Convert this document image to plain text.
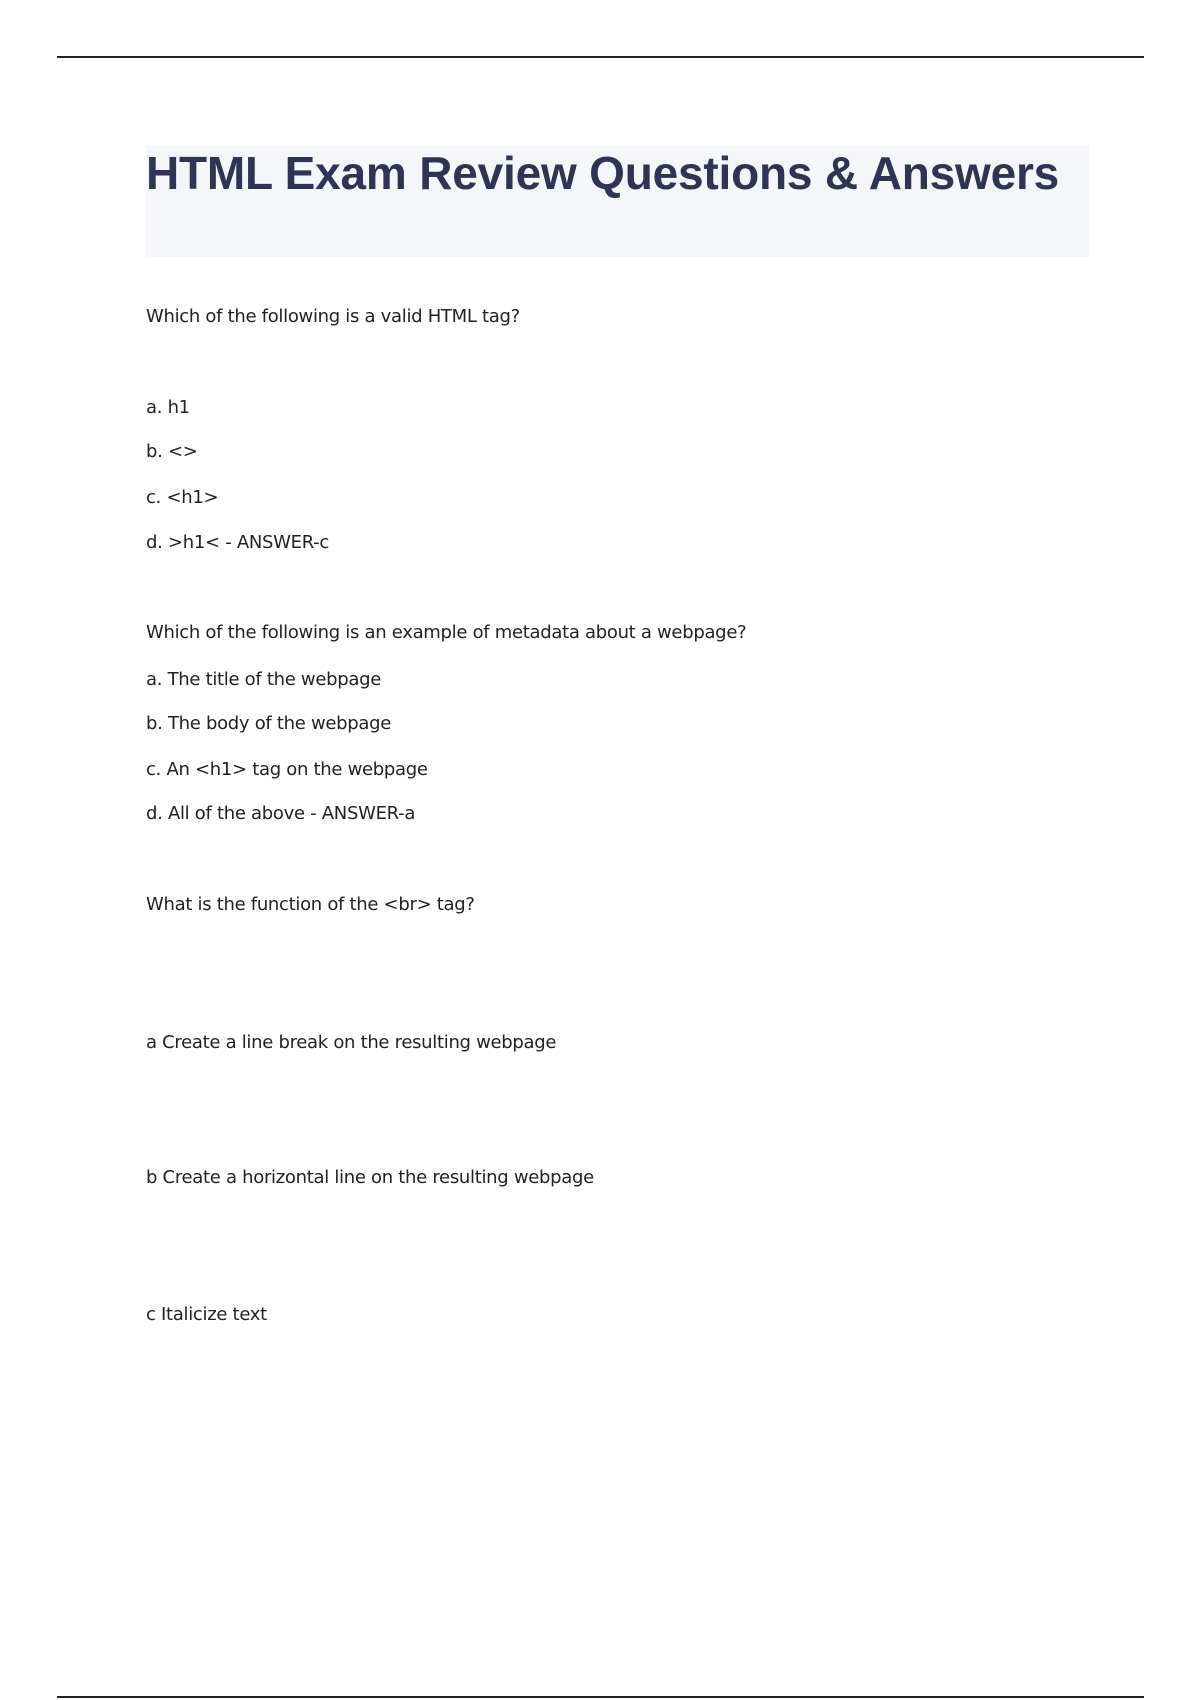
HTML Exam Review Questions & Answers

Which of the following is a valid HTML tag?

a. h1

b. <>

c. <h1>

d. >h1< - ANSWER-c

Which of the following is an example of metadata about a webpage?

a. The title of the webpage

b. The body of the webpage

c. An <h1> tag on the webpage

d. All of the above - ANSWER-a

What is the function of the <br> tag?

a Create a line break on the resulting webpage

b Create a horizontal line on the resulting webpage

c Italicize text
